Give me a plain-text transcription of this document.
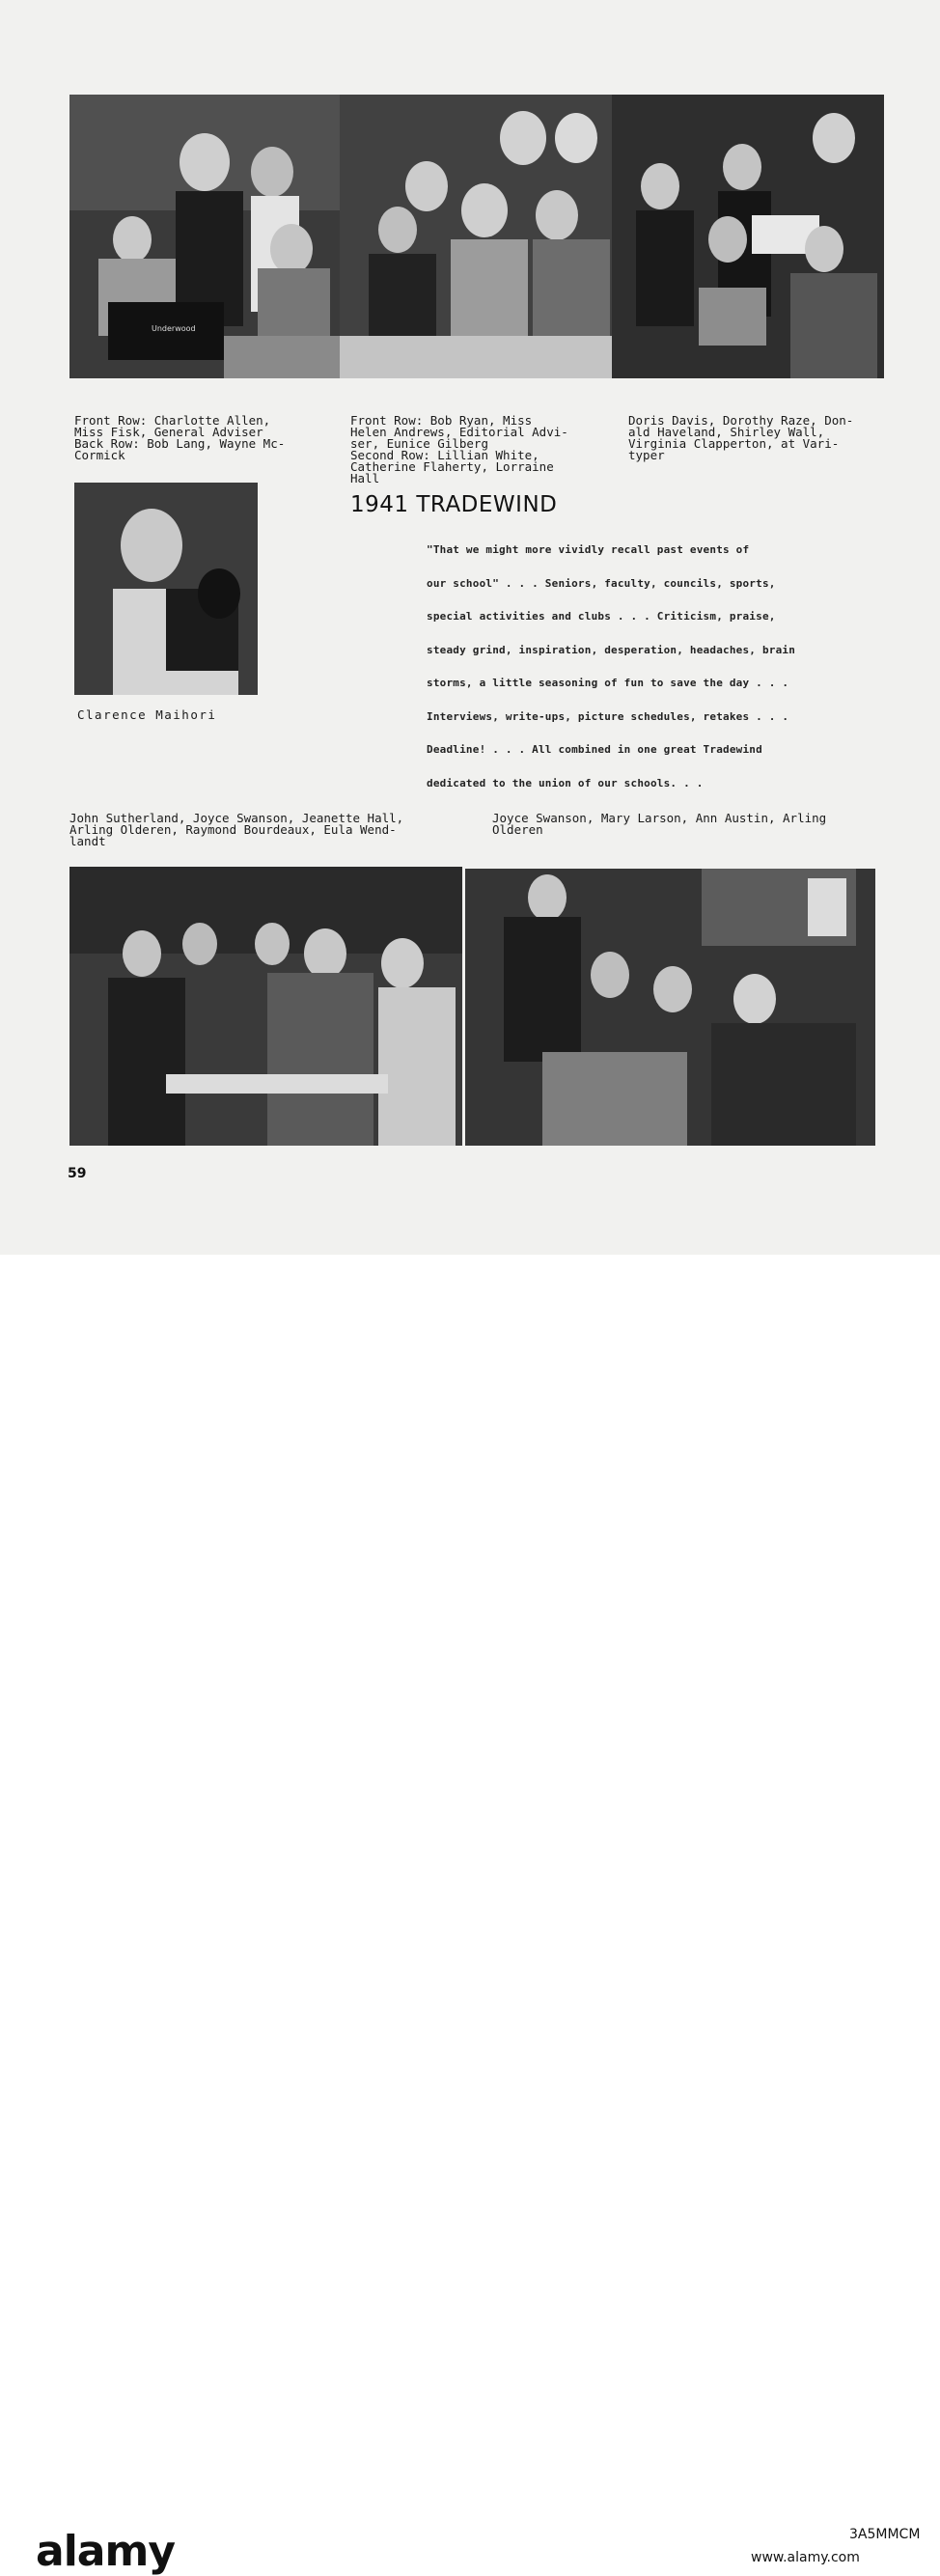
Underwood
Front Row: Charlotte Allen,
Miss Fisk, General Adviser
Back Row: Bob Lang, Wayne Mc-
Cormick
Front Row: Bob Ryan, Miss
Helen Andrews, Editorial Advi-
ser, Eunice Gilberg
Second Row: Lillian White,
Catherine Flaherty, Lorraine
Hall
Doris Davis, Dorothy Raze, Don-
ald Haveland, Shirley Wall,
Virginia Clapperton, at Vari-
typer
Clarence Maihori
1941 TRADEWIND
"That we might more vividly recall past events of
our school" . . . Seniors, faculty, councils, sports,
special activities and clubs . . . Criticism, praise,
steady grind, inspiration, desperation, headaches, brain
storms, a little seasoning of fun to save the day . . .
Interviews, write-ups, picture schedules, retakes . . .
Deadline! . . . All combined in one great Tradewind
dedicated to the union of our schools. . .
John Sutherland, Joyce Swanson, Jeanette Hall,
Arling Olderen, Raymond Bourdeaux, Eula Wend-
landt
Joyce Swanson, Mary Larson, Ann Austin, Arling
Olderen
59
alamy	3A5MMCM
www.alamy.com
